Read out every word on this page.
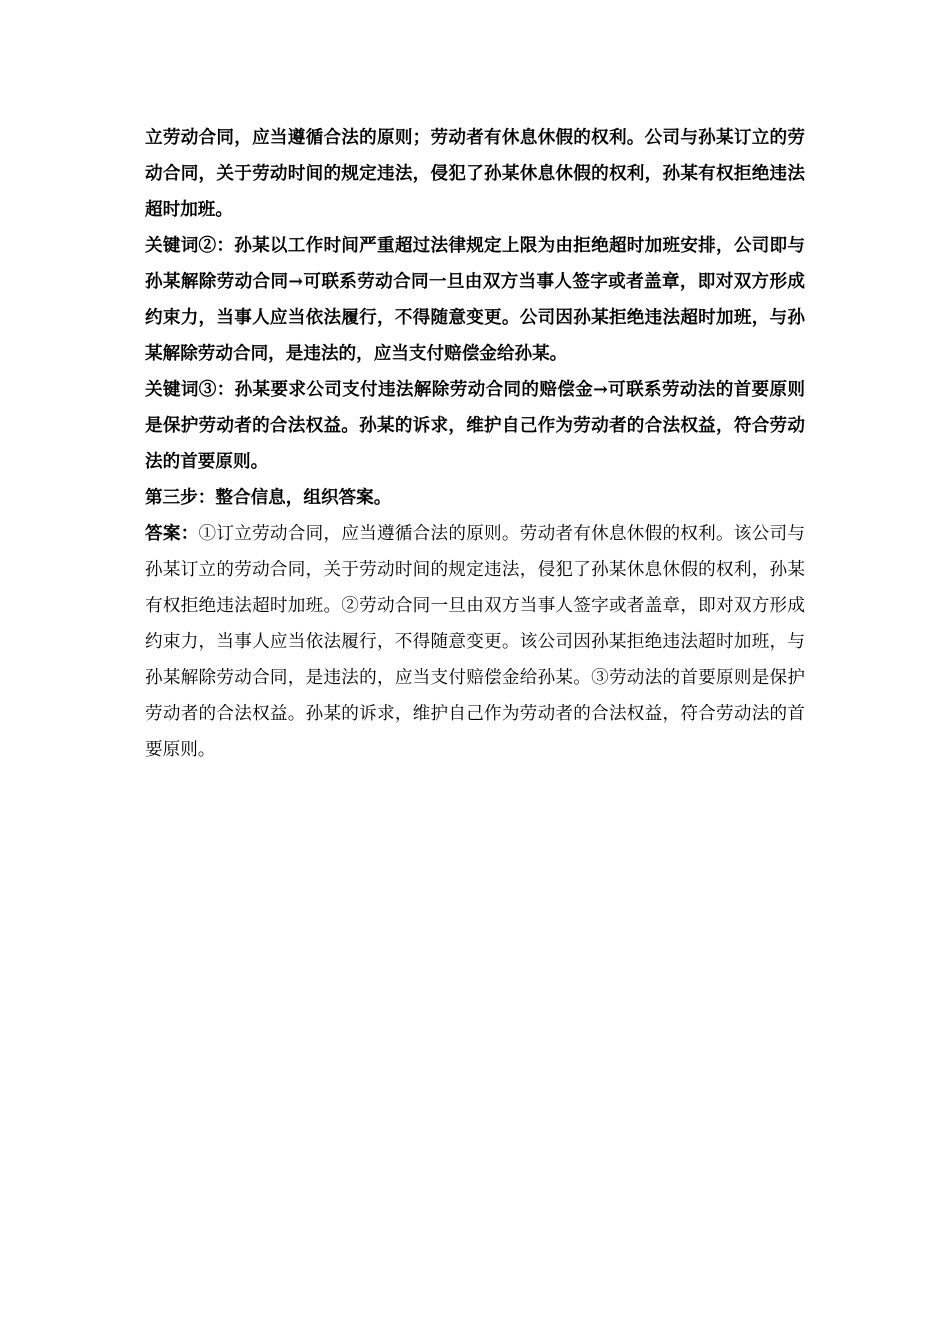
立劳动合同，应当遵循合法的原则；劳动者有休息休假的权利。公司与孙某订立的劳动合同，关于劳动时间的规定违法，侵犯了孙某休息休假的权利，孙某有权拒绝违法超时加班。

关键词②：孙某以工作时间严重超过法律规定上限为由拒绝超时加班安排，公司即与孙某解除劳动合同→可联系劳动合同一旦由双方当事人签字或者盖章，即对双方形成约束力，当事人应当依法履行，不得随意变更。公司因孙某拒绝违法超时加班，与孙某解除劳动合同，是违法的，应当支付赔偿金给孙某。

关键词③：孙某要求公司支付违法解除劳动合同的赔偿金→可联系劳动法的首要原则是保护劳动者的合法权益。孙某的诉求，维护自己作为劳动者的合法权益，符合劳动法的首要原则。

第三步：整合信息，组织答案。

答案：①订立劳动合同，应当遵循合法的原则。劳动者有休息休假的权利。该公司与孙某订立的劳动合同，关于劳动时间的规定违法，侵犯了孙某休息休假的权利，孙某有权拒绝违法超时加班。②劳动合同一旦由双方当事人签字或者盖章，即对双方形成约束力，当事人应当依法履行，不得随意变更。该公司因孙某拒绝违法超时加班，与孙某解除劳动合同，是违法的，应当支付赔偿金给孙某。③劳动法的首要原则是保护劳动者的合法权益。孙某的诉求，维护自己作为劳动者的合法权益，符合劳动法的首要原则。
